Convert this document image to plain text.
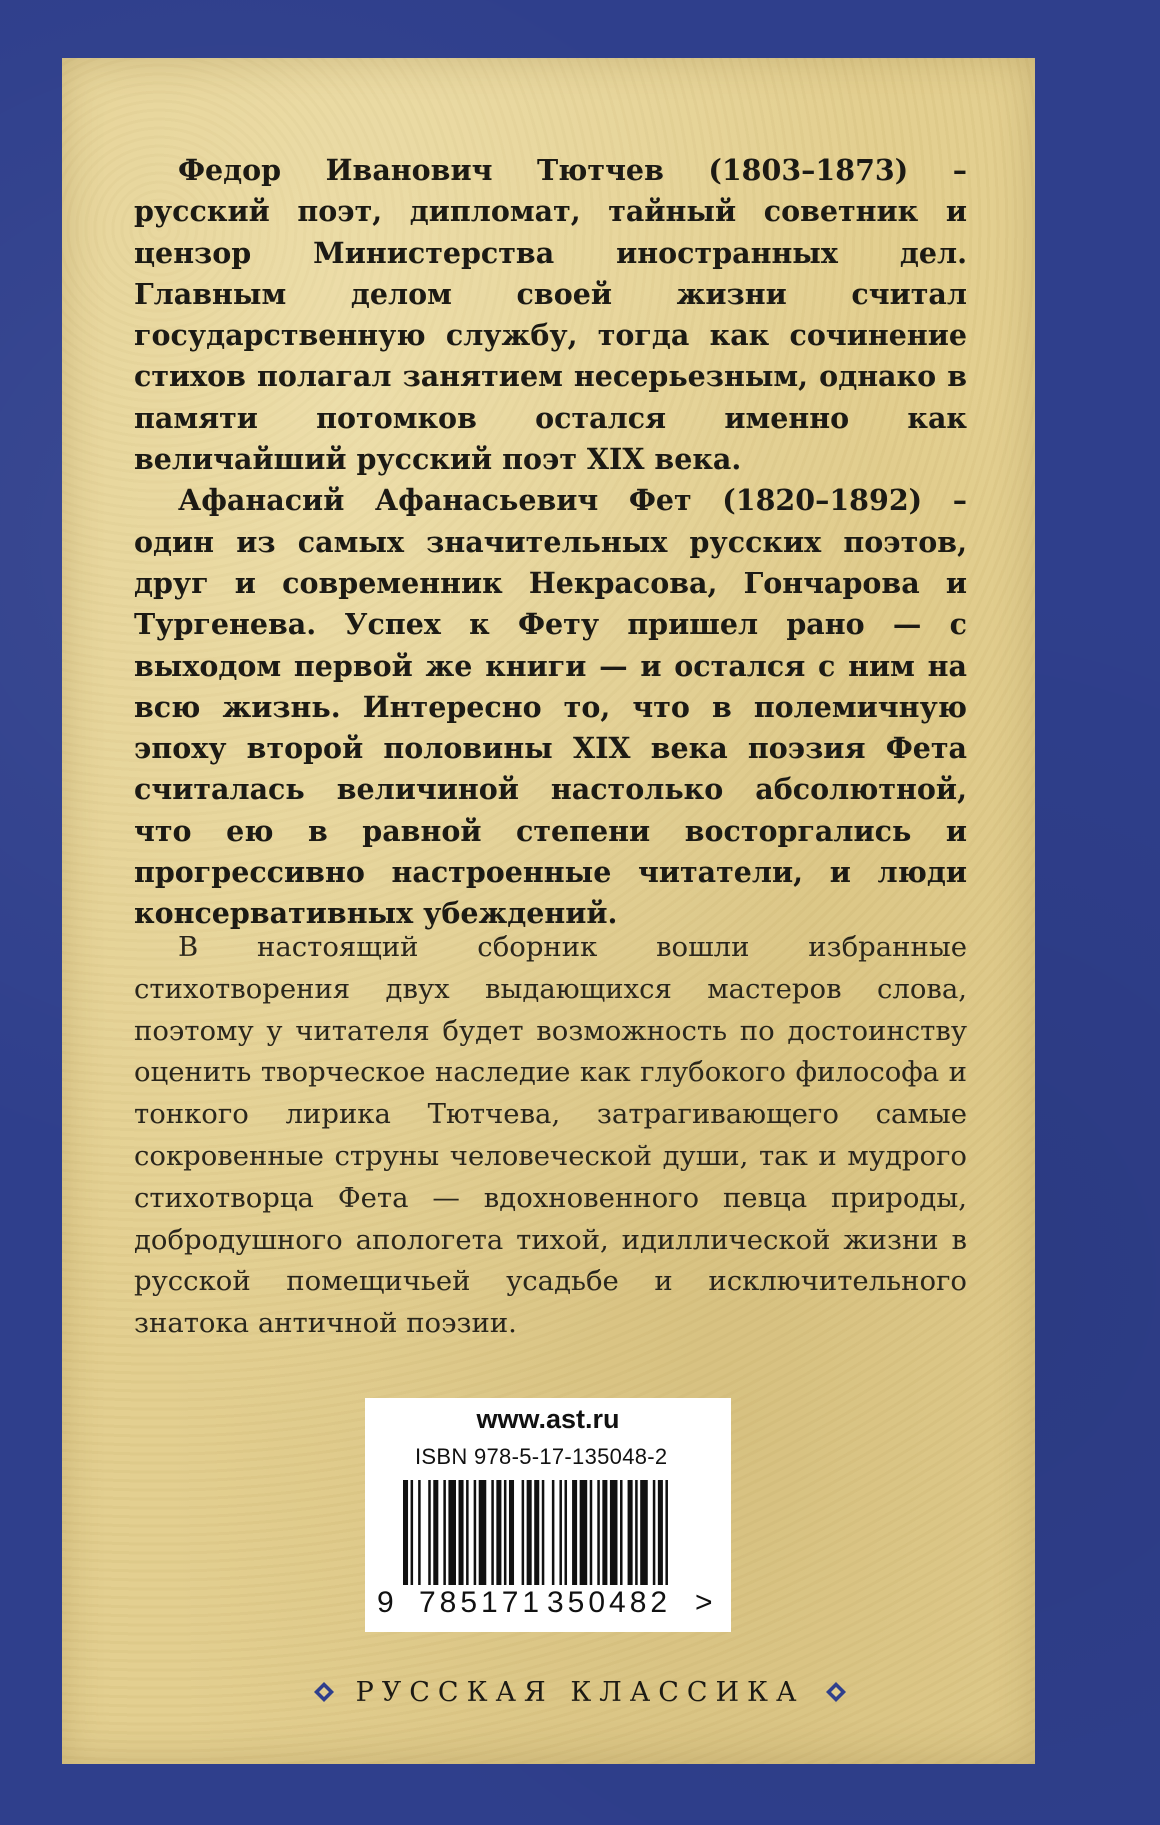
Федор Иванович Тютчев (1803–1873) – русский поэт, дипломат, тайный советник и цензор Министерства иностранных дел. Главным делом своей жизни считал государственную службу, тогда как сочинение стихов полагал занятием несерьезным, однако в памяти потомков остался именно как величайший русский поэт XIX века.

Афанасий Афанасьевич Фет (1820–1892) – один из самых значительных русских поэтов, друг и современник Некрасова, Гончарова и Тургенева. Успех к Фету пришел рано — с выходом первой же книги — и остался с ним на всю жизнь. Интересно то, что в полемичную эпоху второй половины XIX века поэзия Фета считалась величиной настолько абсолютной, что ею в равной степени восторгались и прогрессивно настроенные читатели, и люди консервативных убеждений.

В настоящий сборник вошли избранные стихотворения двух выдающихся мастеров слова, поэтому у читателя будет возможность по достоинству оценить творческое наследие как глубокого философа и тонкого лирика Тютчева, затрагивающего самые сокровенные струны человеческой души, так и мудрого стихотворца Фета — вдохновенного певца природы, добродушного апологета тихой, идиллической жизни в русской помещичьей усадьбе и исключительного знатока античной поэзии.

www.ast.ru
ISBN 978-5-17-135048-2
9 785171 350482 >
РУССКАЯ КЛАССИКА
